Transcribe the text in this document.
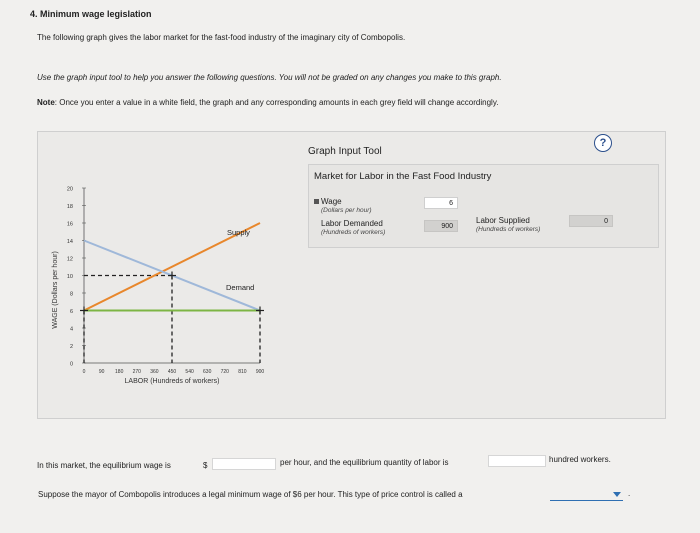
4. Minimum wage legislation
The following graph gives the labor market for the fast-food industry of the imaginary city of Combopolis.
Use the graph input tool to help you answer the following questions. You will not be graded on any changes you make to this graph.
Note: Once you enter a value in a white field, the graph and any corresponding amounts in each grey field will change accordingly.
WAGE (Dollars per hour)
20
18
16
14
12
10
8
6
4
2
0
0	90 180 270 360 450 540 630 720 810 900
Supply
Demand
LABOR (Hundreds of workers)
?
Graph Input Tool
Market for Labor in the Fast Food Industry
Wage
(Dollars per hour)
6
Labor Demanded
(Hundreds of workers)
900
Labor Supplied
(Hundreds of workers)
0
In this market, the equilibrium wage is	$	per hour, and the equilibrium quantity of labor is	hundred workers.
Suppose the mayor of Combopolis introduces a legal minimum wage of $6 per hour. This type of price control is called a	.
